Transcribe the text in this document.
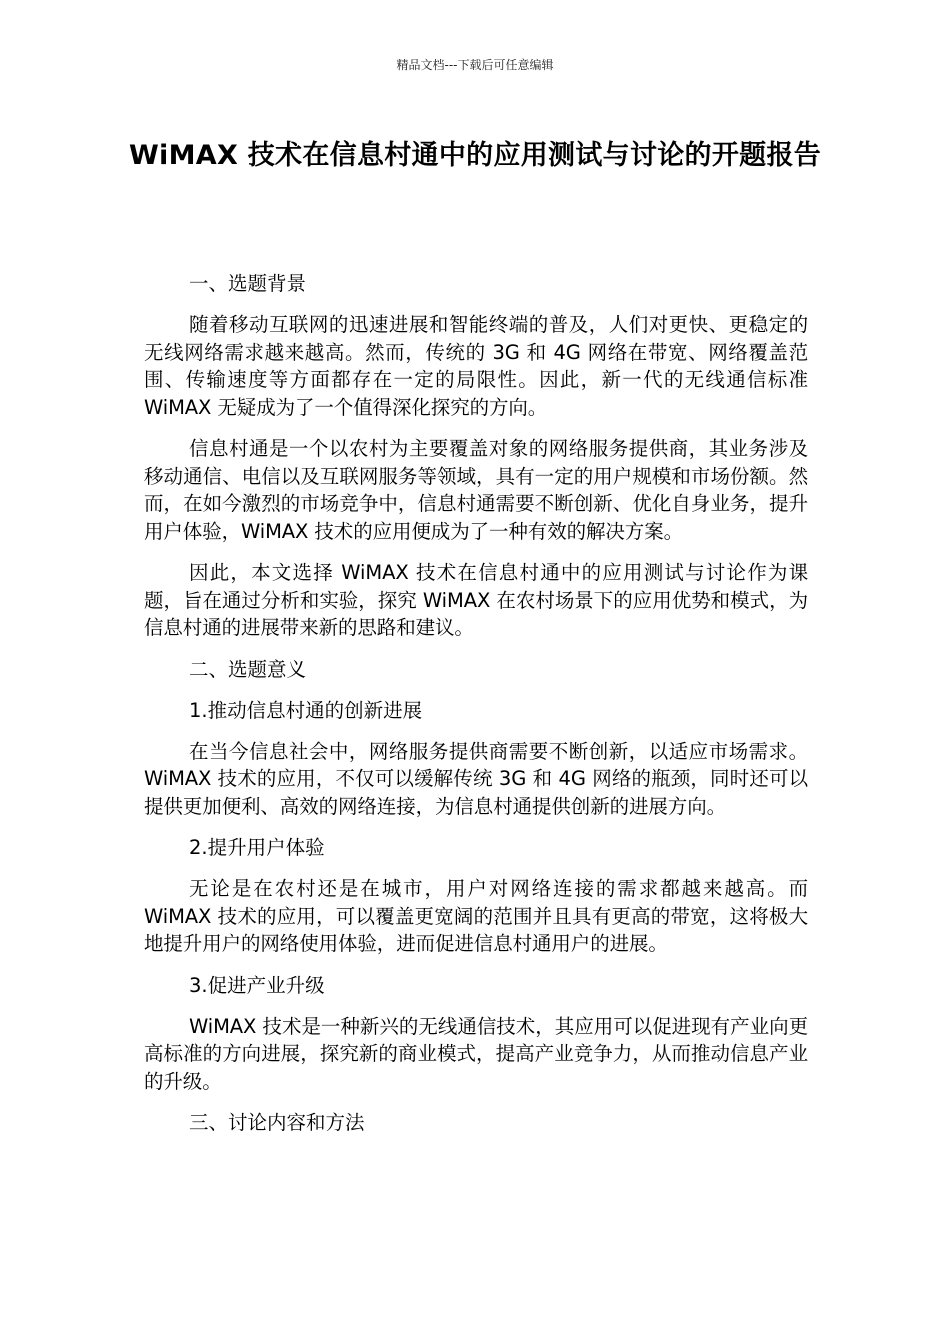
精品文档---下载后可任意编辑
WiMAX 技术在信息村通中的应用测试与讨论的开题报告

一、选题背景

随着移动互联网的迅速进展和智能终端的普及，人们对更快、更稳定的无线网络需求越来越高。然而，传统的 3G 和 4G 网络在带宽、网络覆盖范围、传输速度等方面都存在一定的局限性。因此，新一代的无线通信标准 WiMAX 无疑成为了一个值得深化探究的方向。

信息村通是一个以农村为主要覆盖对象的网络服务提供商，其业务涉及移动通信、电信以及互联网服务等领域，具有一定的用户规模和市场份额。然而，在如今激烈的市场竞争中，信息村通需要不断创新、优化自身业务，提升用户体验，WiMAX 技术的应用便成为了一种有效的解决方案。

因此，本文选择 WiMAX 技术在信息村通中的应用测试与讨论作为课题，旨在通过分析和实验，探究 WiMAX 在农村场景下的应用优势和模式，为信息村通的进展带来新的思路和建议。

二、选题意义

1.推动信息村通的创新进展

在当今信息社会中，网络服务提供商需要不断创新，以适应市场需求。WiMAX 技术的应用，不仅可以缓解传统 3G 和 4G 网络的瓶颈，同时还可以提供更加便利、高效的网络连接，为信息村通提供创新的进展方向。

2.提升用户体验

无论是在农村还是在城市，用户对网络连接的需求都越来越高。而 WiMAX 技术的应用，可以覆盖更宽阔的范围并且具有更高的带宽，这将极大地提升用户的网络使用体验，进而促进信息村通用户的进展。

3.促进产业升级

WiMAX 技术是一种新兴的无线通信技术，其应用可以促进现有产业向更高标准的方向进展，探究新的商业模式，提高产业竞争力，从而推动信息产业的升级。

三、讨论内容和方法
